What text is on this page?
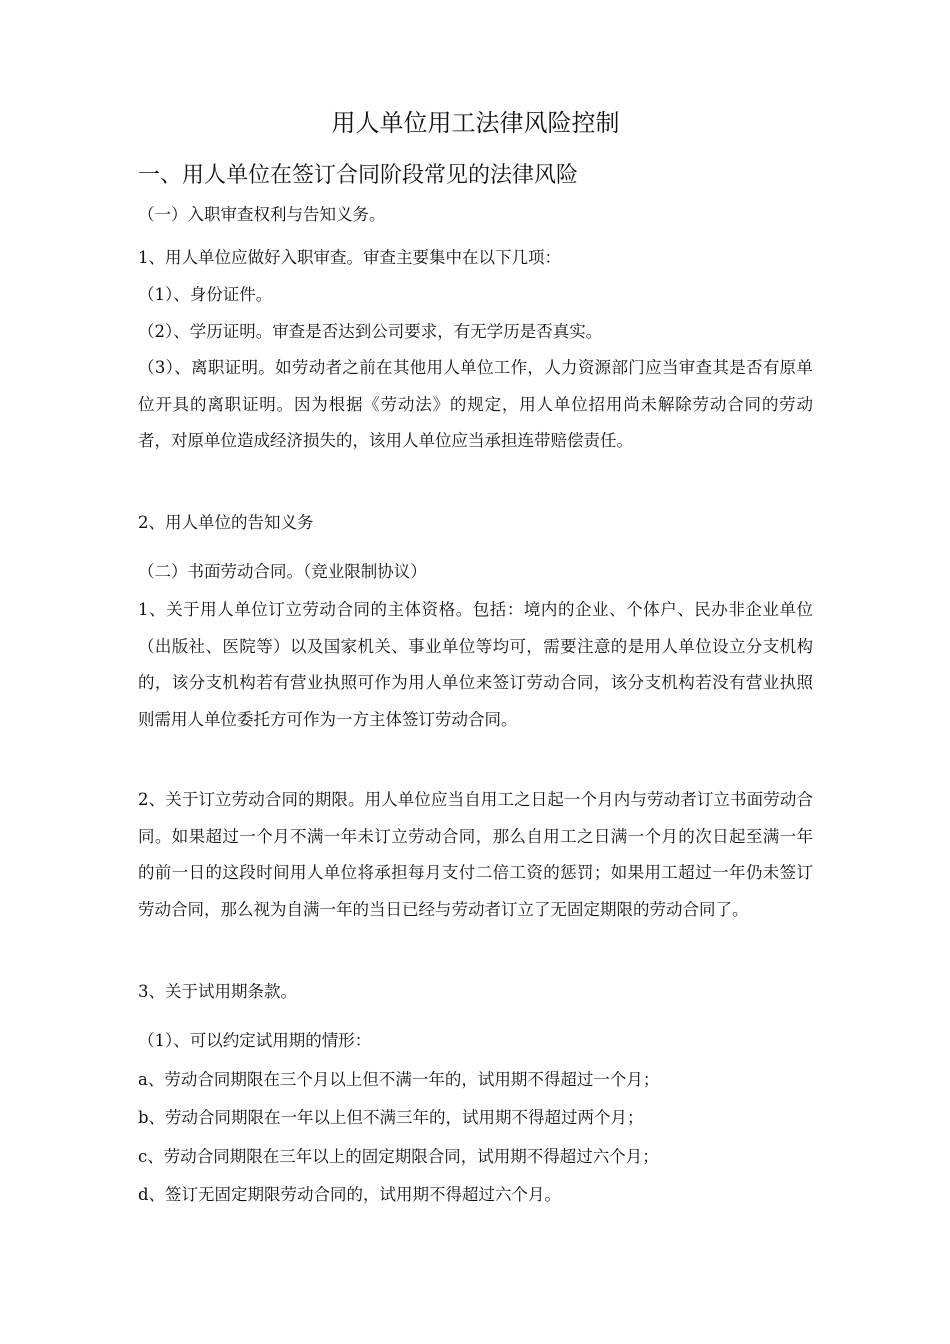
用人单位用工法律风险控制
一、用人单位在签订合同阶段常见的法律风险

（一）入职审查权利与告知义务。

1、用人单位应做好入职审查。审查主要集中在以下几项：

（1）、身份证件。

（2）、学历证明。审查是否达到公司要求，有无学历是否真实。

（3）、离职证明。如劳动者之前在其他用人单位工作，人力资源部门应当审查其是否有原单位开具的离职证明。因为根据《劳动法》的规定，用人单位招用尚未解除劳动合同的劳动者，对原单位造成经济损失的，该用人单位应当承担连带赔偿责任。

2、用人单位的告知义务

（二）书面劳动合同。（竞业限制协议）

1、关于用人单位订立劳动合同的主体资格。包括：境内的企业、个体户、民办非企业单位（出版社、医院等）以及国家机关、事业单位等均可，需要注意的是用人单位设立分支机构的，该分支机构若有营业执照可作为用人单位来签订劳动合同，该分支机构若没有营业执照则需用人单位委托方可作为一方主体签订劳动合同。

2、关于订立劳动合同的期限。用人单位应当自用工之日起一个月内与劳动者订立书面劳动合同。如果超过一个月不满一年未订立劳动合同，那么自用工之日满一个月的次日起至满一年的前一日的这段时间用人单位将承担每月支付二倍工资的惩罚；如果用工超过一年仍未签订劳动合同，那么视为自满一年的当日已经与劳动者订立了无固定期限的劳动合同了。

3、关于试用期条款。

（1）、可以约定试用期的情形：

a、劳动合同期限在三个月以上但不满一年的，试用期不得超过一个月；

b、劳动合同期限在一年以上但不满三年的，试用期不得超过两个月；

c、劳动合同期限在三年以上的固定期限合同，试用期不得超过六个月；

d、签订无固定期限劳动合同的，试用期不得超过六个月。
